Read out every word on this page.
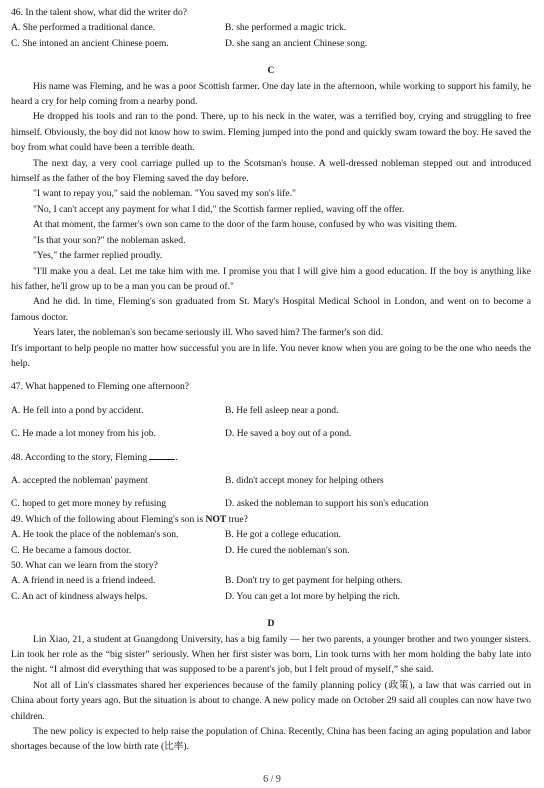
46. In the talent show, what did the writer do?
A. She performed a traditional dance.	B. she performed a magic trick.
C. She intoned an ancient Chinese poem.	D. she sang an ancient Chinese song.
C

His name was Fleming, and he was a poor Scottish farmer. One day late in the afternoon, while working to support his family, he heard a cry for help coming from a nearby pond.

He dropped his tools and ran to the pond. There, up to his neck in the water, was a terrified boy, crying and struggling to free himself. Obviously, the boy did not know how to swim. Fleming jumped into the pond and quickly swam toward the boy. He saved the boy from what could have been a terrible death.

The next day, a very cool carriage pulled up to the Scotsman's house. A well-dressed nobleman stepped out and introduced himself as the father of the boy Fleming saved the day before.

"I want to repay you," said the nobleman. "You saved my son's life."

"No, I can't accept any payment for what I did," the Scottish farmer replied, waving off the offer.

At that moment, the farmer's own son came to the door of the farm house, confused by who was visiting them.

"Is that your son?" the nobleman asked.

"Yes," the farmer replied proudly.

"I'll make you a deal. Let me take him with me. I promise you that I will give him a good education. If the boy is anything like his father, he'll grow up to be a man you can be proud of."

And he did. In time, Fleming's son graduated from St. Mary's Hospital Medical School in London, and went on to become a famous doctor.

Years later, the nobleman's son became seriously ill. Who saved him? The farmer's son did.

It's important to help people no matter how successful you are in life. You never know when you are going to be the one who needs the help.

47. What happened to Fleming one afternoon?
A. He fell into a pond by accident.	B. He fell asleep near a pond.
C. He made a lot money from his job.	D. He saved a boy out of a pond.
48. According to the story, Fleming	.
A. accepted the nobleman' payment	B. didn't accept money for helping others
C. hoped to get more money by refusing	D. asked the nobleman to support his son's education
49. Which of the following about Fleming's son is NOT true?
A. He took the place of the nobleman's son.	B. He got a college education.
C. He became a famous doctor.	D. He cured the nobleman's son.
50. What can we learn from the story?
A. A friend in need is a friend indeed.	B. Don't try to get payment for helping others.
C. An act of kindness always helps.	D. You can get a lot more by helping the rich.
D

Lin Xiao, 21, a student at Guangdong University, has a big family — her two parents, a younger brother and two younger sisters. Lin took her role as the “big sister” seriously. When her first sister was born, Lin took turns with her mom holding the baby late into the night. “I almost did everything that was supposed to be a parent's job, but I felt proud of myself,” she said.

Not all of Lin's classmates shared her experiences because of the family planning policy (政策), a law that was carried out in China about forty years ago. But the situation is about to change. A new policy made on October 29 said all couples can now have two children.

The new policy is expected to help raise the population of China. Recently, China has been facing an aging population and labor shortages because of the low birth rate (比率).

6 / 9
